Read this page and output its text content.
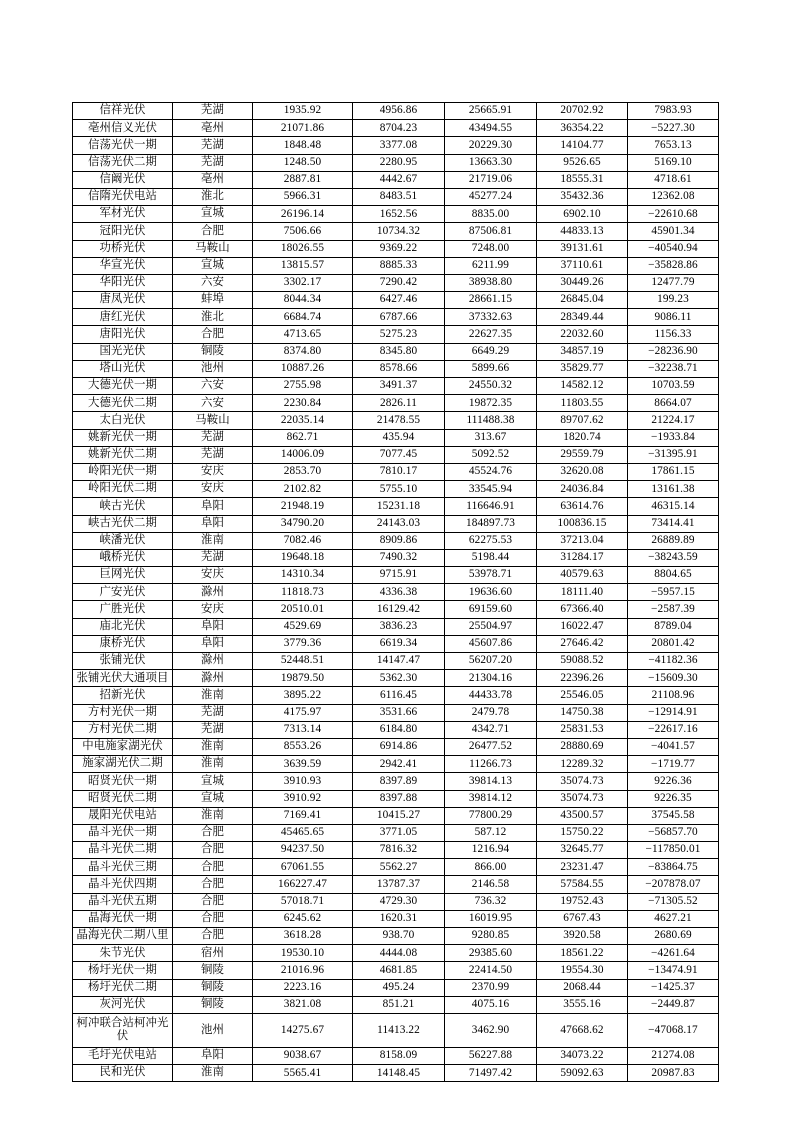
信祥光伏	芜湖	1935.92	4956.86	25665.91	20702.92	7983.93
亳州信义光伏	亳州	21071.86	8704.23	43494.55	36354.22	−5227.30
信荡光伏一期	芜湖	1848.48	3377.08	20229.30	14104.77	7653.13
信荡光伏二期	芜湖	1248.50	2280.95	13663.30	9526.65	5169.10
信阚光伏	亳州	2887.81	4442.67	21719.06	18555.31	4718.61
信隋光伏电站	淮北	5966.31	8483.51	45277.24	35432.36	12362.08
军材光伏	宣城	26196.14	1652.56	8835.00	6902.10	−22610.68
冠阳光伏	合肥	7506.66	10734.32	87506.81	44833.13	45901.34
功桥光伏	马鞍山	18026.55	9369.22	7248.00	39131.61	−40540.94
华宣光伏	宣城	13815.57	8885.33	6211.99	37110.61	−35828.86
华阳光伏	六安	3302.17	7290.42	38938.80	30449.26	12477.79
唐凤光伏	蚌埠	8044.34	6427.46	28661.15	26845.04	199.23
唐红光伏	淮北	6684.74	6787.66	37332.63	28349.44	9086.11
唐阳光伏	合肥	4713.65	5275.23	22627.35	22032.60	1156.33
国光光伏	铜陵	8374.80	8345.80	6649.29	34857.19	−28236.90
塔山光伏	池州	10887.26	8578.66	5899.66	35829.77	−32238.71
大德光伏一期	六安	2755.98	3491.37	24550.32	14582.12	10703.59
大德光伏二期	六安	2230.84	2826.11	19872.35	11803.55	8664.07
太白光伏	马鞍山	22035.14	21478.55	111488.38	89707.62	21224.17
姚新光伏一期	芜湖	862.71	435.94	313.67	1820.74	−1933.84
姚新光伏二期	芜湖	14006.09	7077.45	5092.52	29559.79	−31395.91
岭阳光伏一期	安庆	2853.70	7810.17	45524.76	32620.08	17861.15
岭阳光伏二期	安庆	2102.82	5755.10	33545.94	24036.84	13161.38
峡古光伏	阜阳	21948.19	15231.18	116646.91	63614.76	46315.14
峡古光伏二期	阜阳	34790.20	24143.03	184897.73	100836.15	73414.41
峡潘光伏	淮南	7082.46	8909.86	62275.53	37213.04	26889.89
峨桥光伏	芜湖	19648.18	7490.32	5198.44	31284.17	−38243.59
巨网光伏	安庆	14310.34	9715.91	53978.71	40579.63	8804.65
广安光伏	滁州	11818.73	4336.38	19636.60	18111.40	−5957.15
广胜光伏	安庆	20510.01	16129.42	69159.60	67366.40	−2587.39
庙北光伏	阜阳	4529.69	3836.23	25504.97	16022.47	8789.04
康桥光伏	阜阳	3779.36	6619.34	45607.86	27646.42	20801.42
张铺光伏	滁州	52448.51	14147.47	56207.20	59088.52	−41182.36
张铺光伏大通项目	滁州	19879.50	5362.30	21304.16	22396.26	−15609.30
招新光伏	淮南	3895.22	6116.45	44433.78	25546.05	21108.96
方村光伏一期	芜湖	4175.97	3531.66	2479.78	14750.38	−12914.91
方村光伏二期	芜湖	7313.14	6184.80	4342.71	25831.53	−22617.16
中电施家湖光伏	淮南	8553.26	6914.86	26477.52	28880.69	−4041.57
施家湖光伏二期	淮南	3639.59	2942.41	11266.73	12289.32	−1719.77
昭贤光伏一期	宣城	3910.93	8397.89	39814.13	35074.73	9226.36
昭贤光伏二期	宣城	3910.92	8397.88	39814.12	35074.73	9226.35
晟阳光伏电站	淮南	7169.41	10415.27	77800.29	43500.57	37545.58
晶斗光伏一期	合肥	45465.65	3771.05	587.12	15750.22	−56857.70
晶斗光伏二期	合肥	94237.50	7816.32	1216.94	32645.77	−117850.01
晶斗光伏三期	合肥	67061.55	5562.27	866.00	23231.47	−83864.75
晶斗光伏四期	合肥	166227.47	13787.37	2146.58	57584.55	−207878.07
晶斗光伏五期	合肥	57018.71	4729.30	736.32	19752.43	−71305.52
晶海光伏一期	合肥	6245.62	1620.31	16019.95	6767.43	4627.21
晶海光伏二期八里	合肥	3618.28	938.70	9280.85	3920.58	2680.69
朱节光伏	宿州	19530.10	4444.08	29385.60	18561.22	−4261.64
杨圩光伏一期	铜陵	21016.96	4681.85	22414.50	19554.30	−13474.91
杨圩光伏二期	铜陵	2223.16	495.24	2370.99	2068.44	−1425.37
灰河光伏	铜陵	3821.08	851.21	4075.16	3555.16	−2449.87
柯冲联合站柯冲光伏	池州	14275.67	11413.22	3462.90	47668.62	−47068.17
毛圩光伏电站	阜阳	9038.67	8158.09	56227.88	34073.22	21274.08
民和光伏	淮南	5565.41	14148.45	71497.42	59092.63	20987.83
